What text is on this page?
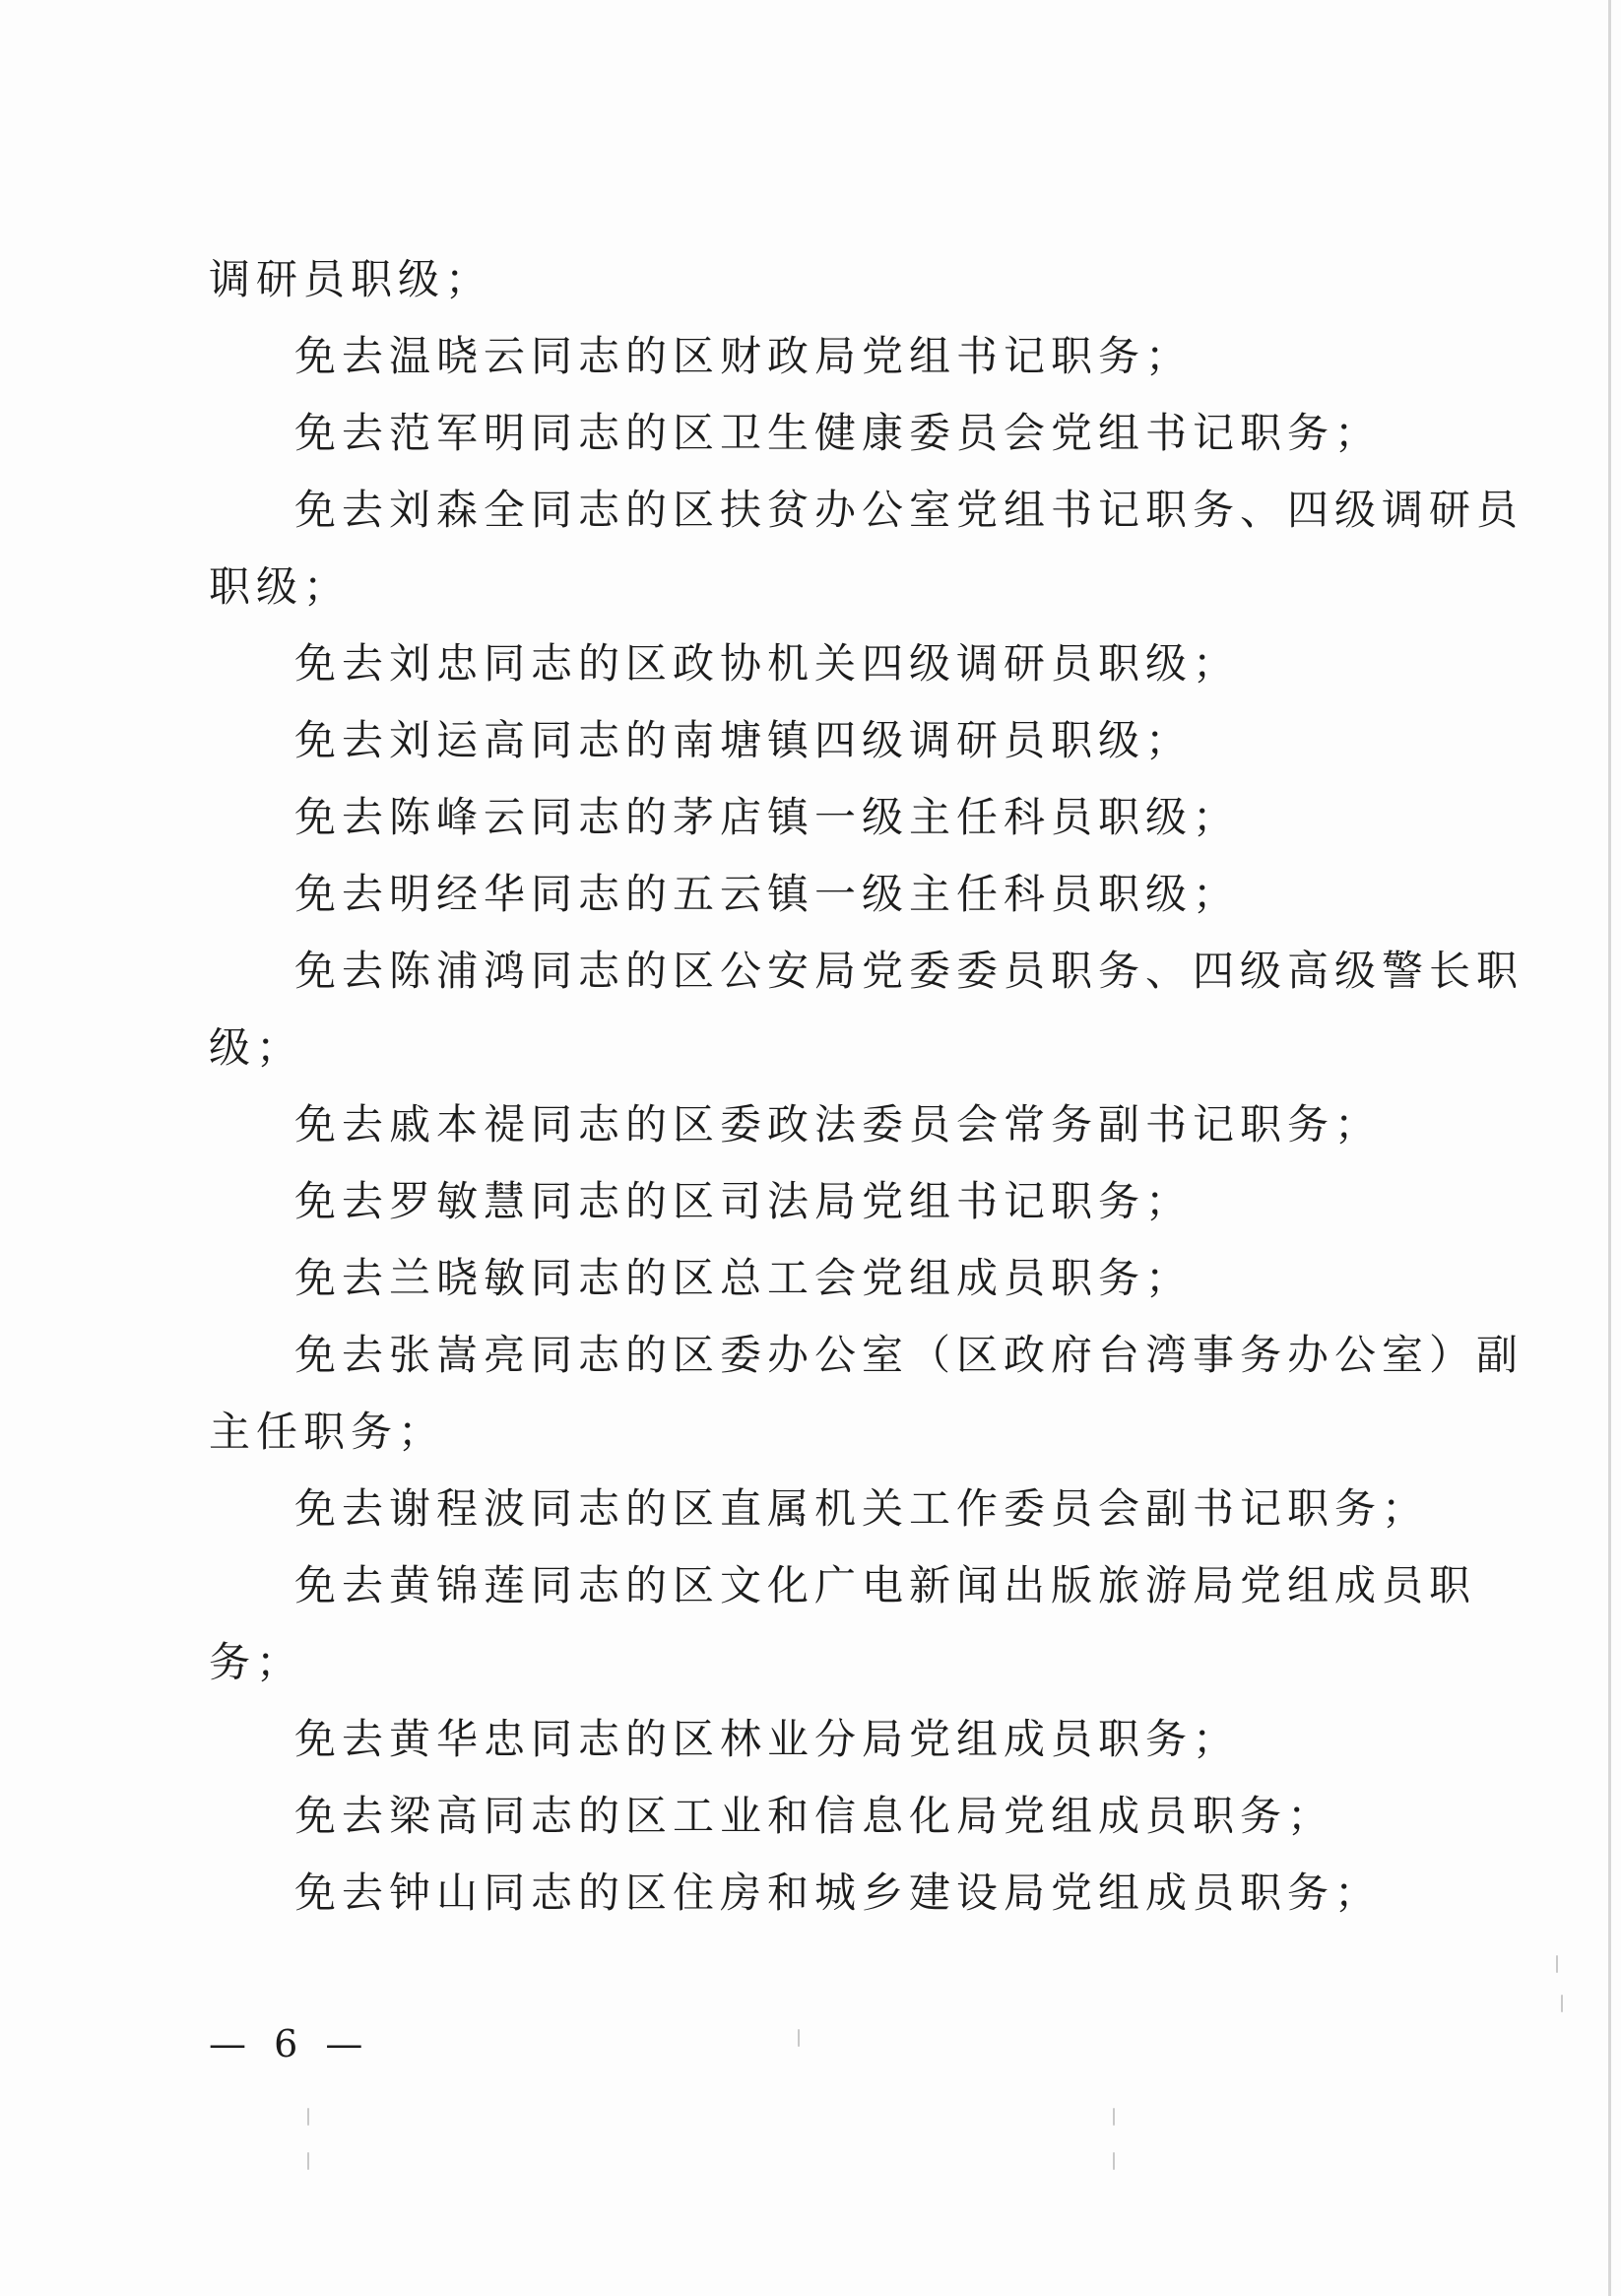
调研员职级；
免去温晓云同志的区财政局党组书记职务；
免去范军明同志的区卫生健康委员会党组书记职务；
免去刘森全同志的区扶贫办公室党组书记职务、四级调研员
职级；
免去刘忠同志的区政协机关四级调研员职级；
免去刘运高同志的南塘镇四级调研员职级；
免去陈峰云同志的茅店镇一级主任科员职级；
免去明经华同志的五云镇一级主任科员职级；
免去陈浦鸿同志的区公安局党委委员职务、四级高级警长职
级；
免去戚本禔同志的区委政法委员会常务副书记职务；
免去罗敏慧同志的区司法局党组书记职务；
免去兰晓敏同志的区总工会党组成员职务；
免去张嵩亮同志的区委办公室（区政府台湾事务办公室）副
主任职务；
免去谢程波同志的区直属机关工作委员会副书记职务；
免去黄锦莲同志的区文化广电新闻出版旅游局党组成员职
务；
免去黄华忠同志的区林业分局党组成员职务；
免去梁高同志的区工业和信息化局党组成员职务；
免去钟山同志的区住房和城乡建设局党组成员职务；
— 6 —
